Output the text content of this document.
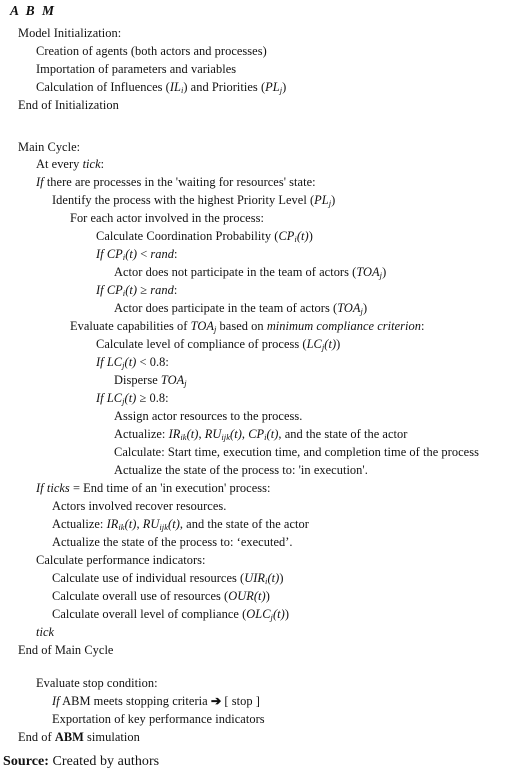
A B M
Model Initialization:
Creation of agents (both actors and processes)
Importation of parameters and variables
Calculation of Influences $(IL_i)$ and Priorities $(PL_j)$
End of Initialization
Main Cycle:
At every tick:
If there are processes in the 'waiting for resources' state:
Identify the process with the highest Priority Level $(PL_j)$
For each actor involved in the process:
Calculate Coordination Probability $(CP_i(t))$
If $CP_i(t)$ < rand:
Actor does not participate in the team of actors $(TOA_j)$
If $CP_i(t)$ ≥ rand:
Actor does participate in the team of actors $(TOA_j)$
Evaluate capabilities of $TOA_j$ based on minimum compliance criterion:
Calculate level of compliance of process $(LC_j(t))$
If $LC_j(t) < 0.8$:
Disperse $TOA_j$
If $LC_j(t) \ge 0.8$:
Assign actor resources to the process.
Actualize: $IR_{ik}(t)$, $RU_{ijk}(t)$, $CP_i(t)$, and the state of the actor
Calculate: Start time, execution time, and completion time of the process
Actualize the state of the process to: 'in execution'.
If ticks = End time of an 'in execution' process:
Actors involved recover resources.
Actualize: $IR_{ik}(t)$, $RU_{ijk}(t)$, and the state of the actor
Actualize the state of the process to: ‘executed’.
Calculate performance indicators:
Calculate use of individual resources $(UIR_i(t))$
Calculate overall use of resources (OUR(t))
Calculate overall level of compliance $(OLC_j(t))$
tick
End of Main Cycle
Evaluate stop condition:
If ABM meets stopping criteria ➔ [ stop ]
Exportation of key performance indicators
End of ABM simulation
Source: Created by authors
